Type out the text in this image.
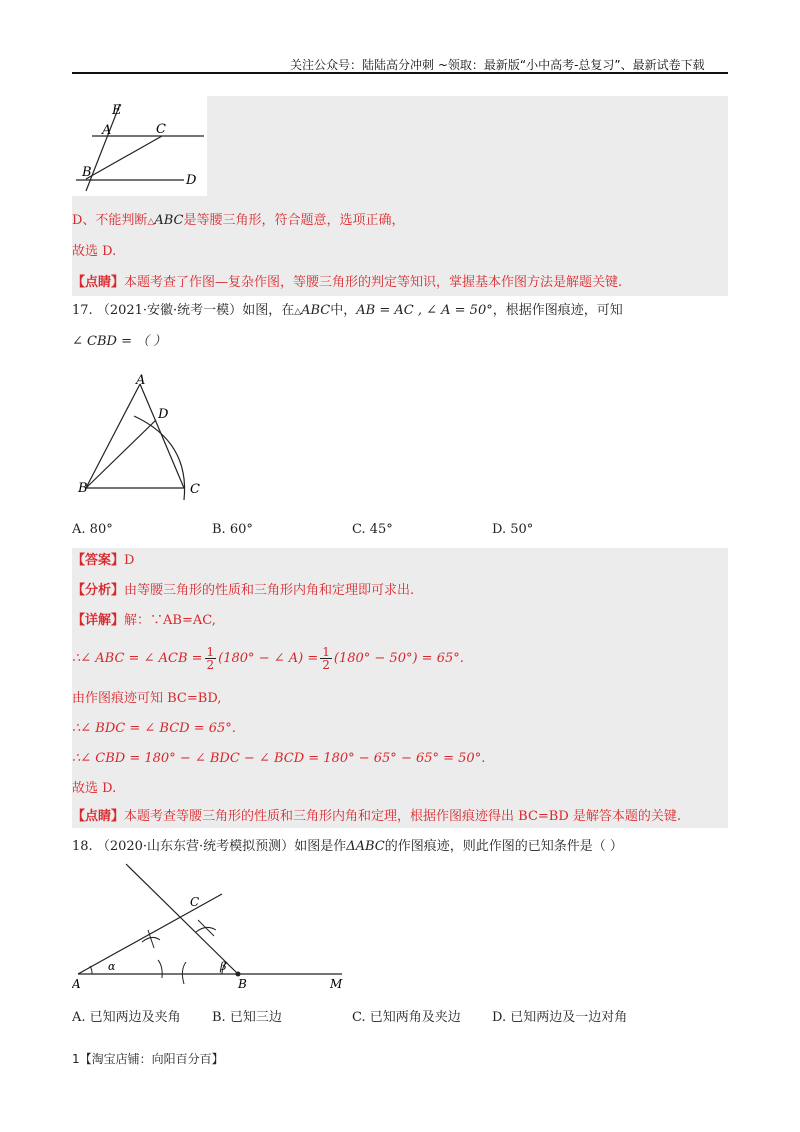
关注公众号：陆陆高分冲刺 ~领取：最新版“小中高考-总复习”、最新试卷下载
E
A	C
B
D
D、不能判断△ABC是等腰三角形，符合题意，选项正确，
故选 D.
【点睛】本题考查了作图—复杂作图，等腰三角形的判定等知识，掌握基本作图方法是解题关键.
17. （2021·安徽·统考一模）如图，在△ABC中，AB = AC , ∠ A = 50°，根据作图痕迹，可知
∠ CBD = （ ）
A
D
B	C
A. 80°	B. 60°	C. 45°	D. 50°
【答案】D
【分析】由等腰三角形的性质和三角形内角和定理即可求出.
【详解】解：∵AB=AC,
∴∠ ABC = ∠ ACB = $\frac{1}{2} (180^\circ$ − ∠ $A) = \frac{1}{2} (180^\circ - 50^\circ) = 65^\circ$.
由作图痕迹可知 BC=BD,
∴∠ BDC = ∠ BCD = 65°.
∴∠ CBD = 180° − ∠ BDC − ∠ BCD = 180° − 65° − 65° = 50°.
故选 D.
【点睛】本题考查等腰三角形的性质和三角形内角和定理，根据作图痕迹得出 BC=BD 是解答本题的关键.
18. （2020·山东东营·统考模拟预测）如图是作ΔABC的作图痕迹，则此作图的已知条件是（ ）
C
A	B	M
α	β
A. 已知两边及夹角 B. 已知三边	C. 已知两角及夹边 D. 已知两边及一边对角
1【淘宝店铺：向阳百分百】
